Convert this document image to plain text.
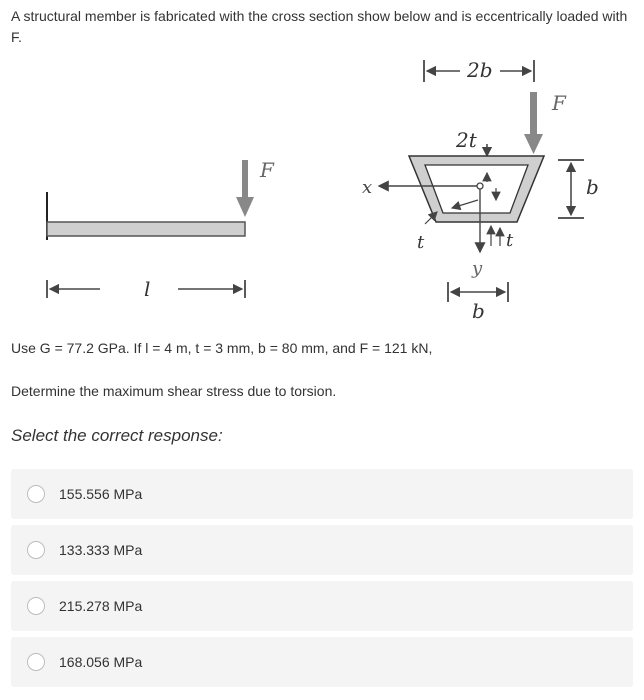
A structural member is fabricated with the cross section show below and is eccentrically loaded with F.
F
l
2b
F
2t
x
y
t	t
b
b
Use G = 77.2 GPa. If l = 4 m, t = 3 mm, b = 80 mm, and F = 121 kN,
Determine the maximum shear stress due to torsion.
Select the correct response:
155.556 MPa
133.333 MPa
215.278 MPa
168.056 MPa
